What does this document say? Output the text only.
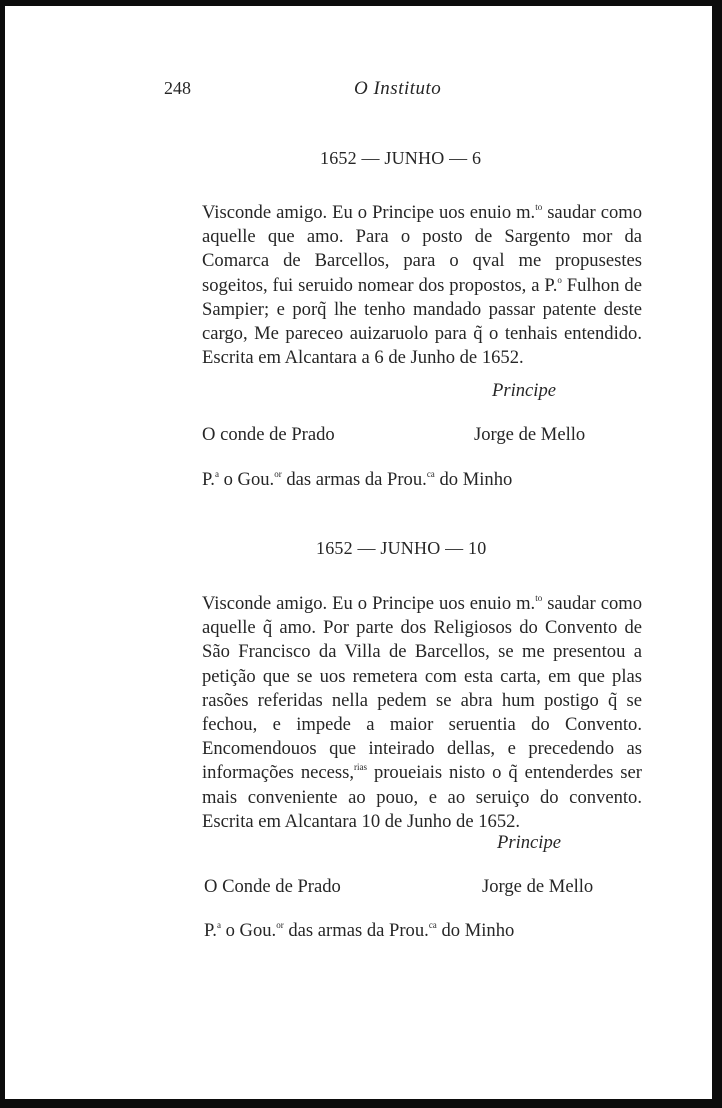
248	O Instituto
1652 — JUNHO — 6

Visconde amigo. Eu o Principe uos enuio m.$^{to}$ saudar como aquelle que amo. Para o posto de Sargento mor da Comarca de Barcellos, para o qval me propusestes sogeitos, fui seruido nomear dos propostos, a P.$^o$ Fulhon de Sampier; e porq̃ lhe tenho mandado passar patente deste cargo, Me pareceo auizaruolo para q̃ o tenhais entendido. Escrita em Alcantara a 6 de Junho de 1652.

Principe
O conde de Prado	Jorge de Mello
P.$^a$ o Gou.$^{or}$ das armas da Prou.$^{ca}$ do Minho
1652 — JUNHO — 10

Visconde amigo. Eu o Principe uos enuio m.$^{to}$ saudar como aquelle q̃ amo. Por parte dos Religiosos do Convento de São Francisco da Villa de Barcellos, se me presentou a petição que se uos remetera com esta carta, em que plas rasões referidas nella pedem se abra hum postigo q̃ se fechou, e impede a maior seruentia do Convento. Encomendouos que inteirado dellas, e precedendo as informações necess,$^{rias}$ proueiais nisto o q̃ entenderdes ser mais conveniente ao pouo, e ao seruiço do convento. Escrita em Alcantara 10 de Junho de 1652.

Principe
O Conde de Prado	Jorge de Mello
P.$^a$ o Gou.$^{or}$ das armas da Prou.$^{ca}$ do Minho
